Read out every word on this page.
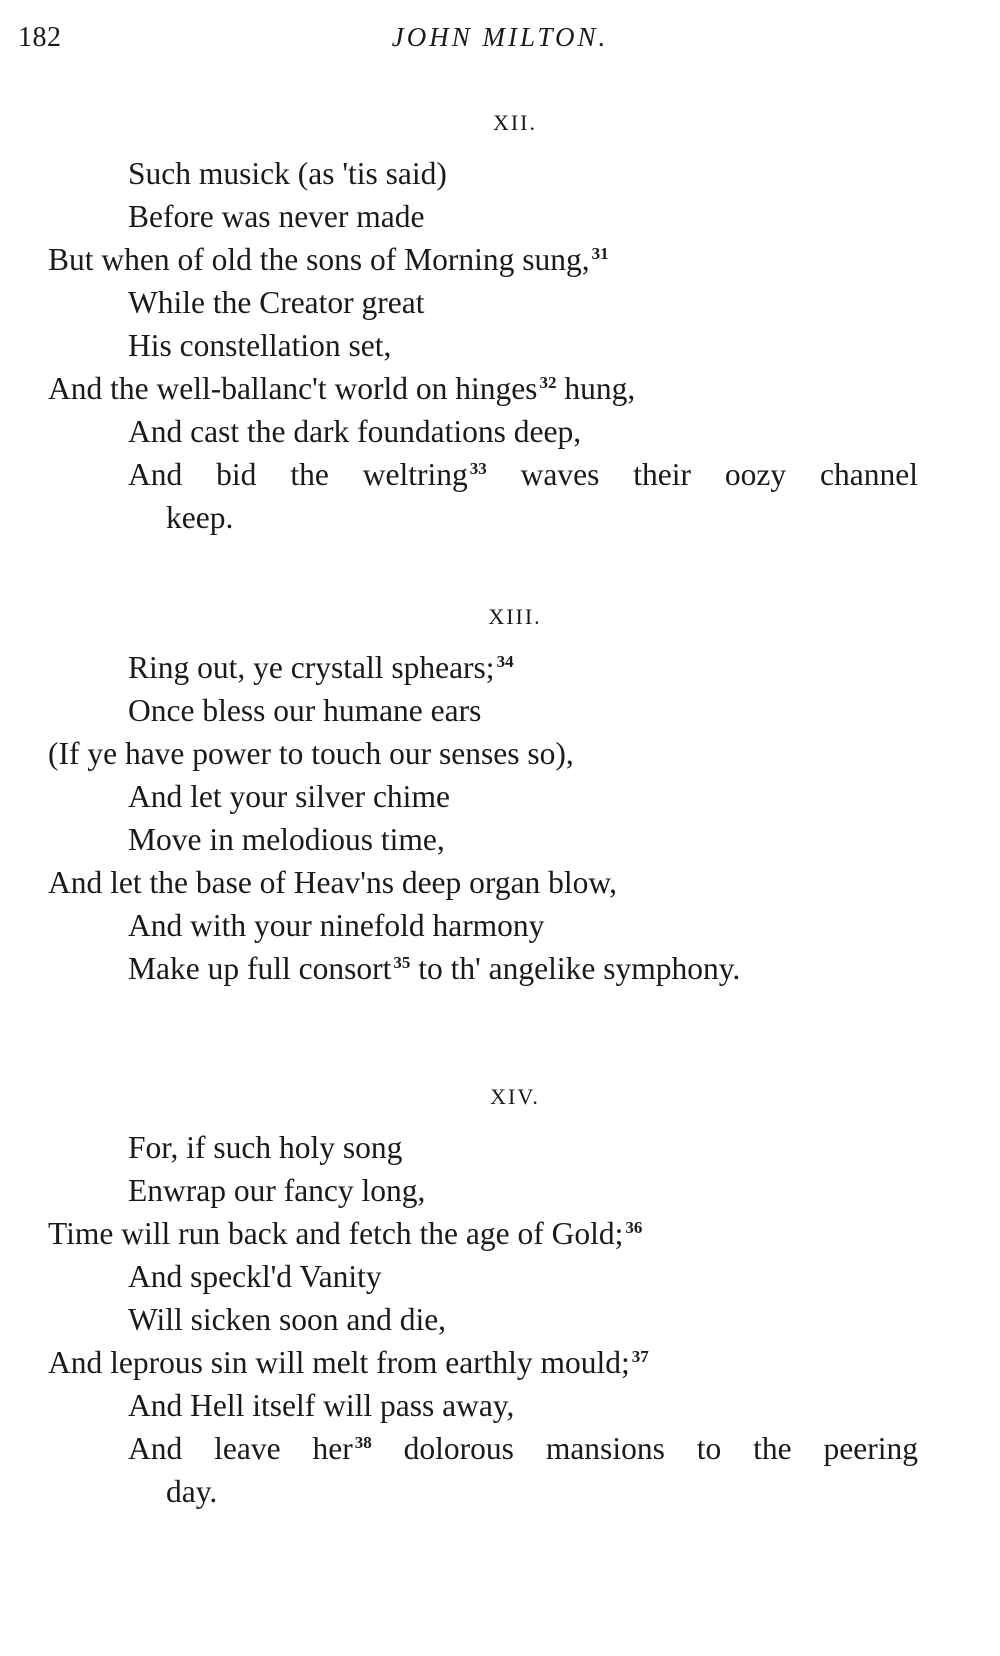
182	JOHN MILTON.
XII.
Such musick (as 'tis said)
Before was never made
But when of old the sons of Morning sung, $^{31}$
While the Creator great
His constellation set,
And the well-ballanc't world on hinges $^{32}$ hung,
And cast the dark foundations deep,
And bid the weltring $^{33}$ waves their oozy channel
keep.
XIII.
Ring out, ye crystall sphears; $^{34}$
Once bless our humane ears
(If ye have power to touch our senses so),
And let your silver chime
Move in melodious time,
And let the base of Heav'ns deep organ blow,
And with your ninefold harmony
Make up full consort $^{35}$ to th' angelike symphony.
XIV.
For, if such holy song
Enwrap our fancy long,
Time will run back and fetch the age of Gold; $^{36}$
And speckl'd Vanity
Will sicken soon and die,
And leprous sin will melt from earthly mould; $^{37}$
And Hell itself will pass away,
And leave her $^{38}$ dolorous mansions to the peering
day.
